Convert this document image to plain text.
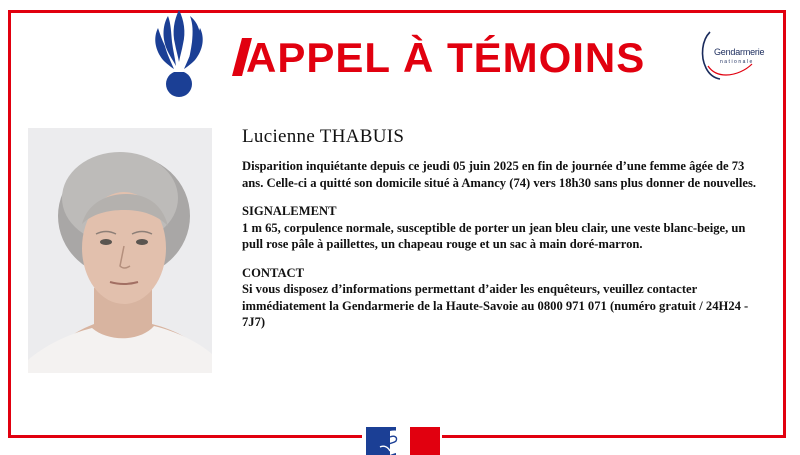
APPEL À TÉMOINS	Gendarmerie
nationale

Lucienne THABUIS

Disparition inquiétante depuis ce jeudi 05 juin 2025 en fin de journée d’une femme âgée de 73 ans. Celle-ci a quitté son domicile situé à Amancy (74) vers 18h30 sans plus donner de nouvelles.

SIGNALEMENT

1 m 65, corpulence normale, susceptible de porter un jean bleu clair, une veste blanc-beige, un pull rose pâle à paillettes, un chapeau rouge et un sac à main doré-marron.

CONTACT

Si vous disposez d’informations permettant d’aider les enquêteurs, veuillez contacter immédiatement la Gendarmerie de la Haute-Savoie au 0800 971 071 (numéro gratuit / 24H24 - 7J7)
